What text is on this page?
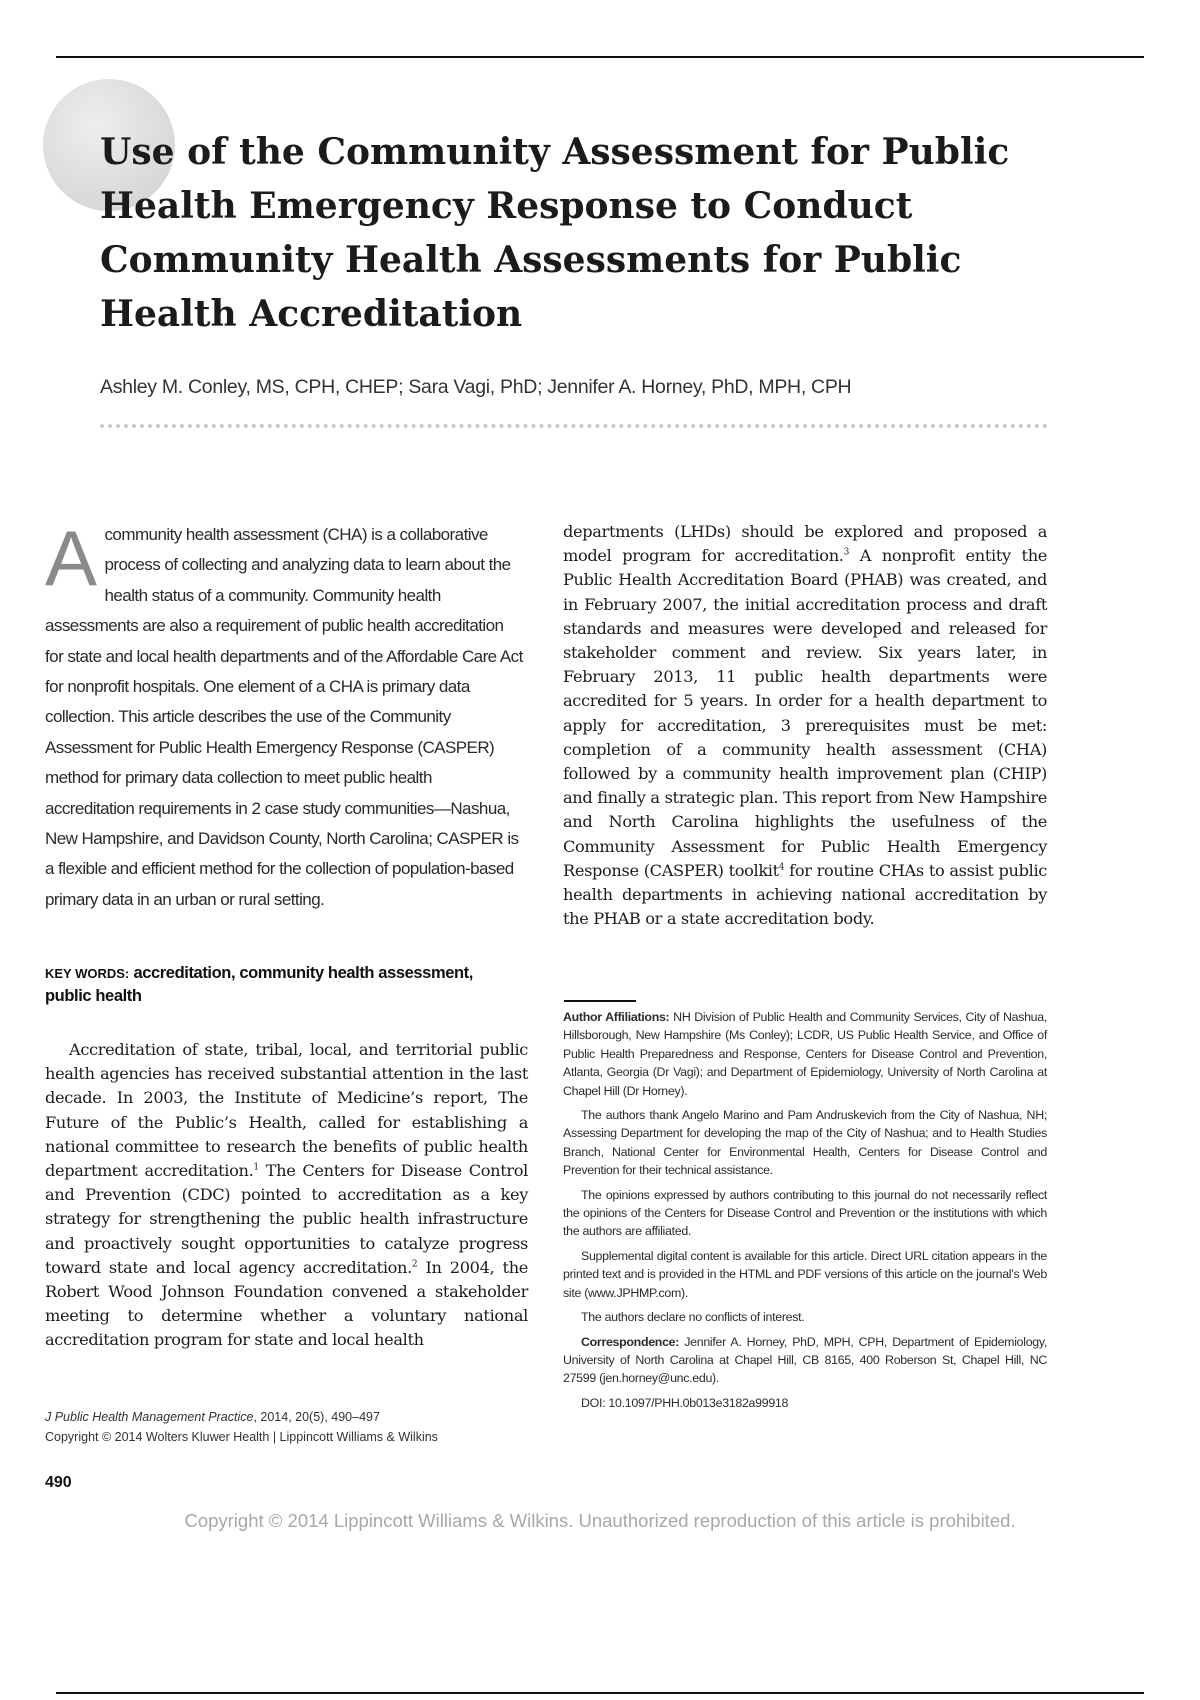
Use of the Community Assessment for Public Health Emergency Response to Conduct Community Health Assessments for Public Health Accreditation
Ashley M. Conley, MS, CPH, CHEP; Sara Vagi, PhD; Jennifer A. Horney, PhD, MPH, CPH

A community health assessment (CHA) is a collaborative process of collecting and analyzing data to learn about the health status of a community. Community health assessments are also a requirement of public health accreditation for state and local health departments and of the Affordable Care Act for nonprofit hospitals. One element of a CHA is primary data collection. This article describes the use of the Community Assessment for Public Health Emergency Response (CASPER) method for primary data collection to meet public health accreditation requirements in 2 case study communities—Nashua, New Hampshire, and Davidson County, North Carolina; CASPER is a flexible and efficient method for the collection of population-based primary data in an urban or rural setting.

KEY WORDS: accreditation, community health assessment, public health

Accreditation of state, tribal, local, and territorial public health agencies has received substantial attention in the last decade. In 2003, the Institute of Medicine’s report, The Future of the Public’s Health, called for establishing a national committee to research the benefits of public health department accreditation.$^1$ The Centers for Disease Control and Prevention (CDC) pointed to accreditation as a key strategy for strengthening the public health infrastructure and proactively sought opportunities to catalyze progress toward state and local agency accreditation.$^2$ In 2004, the Robert Wood Johnson Foundation convened a stakeholder meeting to determine whether a voluntary national accreditation program for state and local health

departments (LHDs) should be explored and proposed a model program for accreditation.$^3$ A nonprofit entity the Public Health Accreditation Board (PHAB) was created, and in February 2007, the initial accreditation process and draft standards and measures were developed and released for stakeholder comment and review. Six years later, in February 2013, 11 public health departments were accredited for 5 years. In order for a health department to apply for accreditation, 3 prerequisites must be met: completion of a community health assessment (CHA) followed by a community health improvement plan (CHIP) and finally a strategic plan. This report from New Hampshire and North Carolina highlights the usefulness of the Community Assessment for Public Health Emergency Response (CASPER) toolkit$^4$ for routine CHAs to assist public health departments in achieving national accreditation by the PHAB or a state accreditation body.

Author Affiliations: NH Division of Public Health and Community Services, City of Nashua, Hillsborough, New Hampshire (Ms Conley); LCDR, US Public Health Service, and Office of Public Health Preparedness and Response, Centers for Disease Control and Prevention, Atlanta, Georgia (Dr Vagi); and Department of Epidemiology, University of North Carolina at Chapel Hill (Dr Horney).

The authors thank Angelo Marino and Pam Andruskevich from the City of Nashua, NH; Assessing Department for developing the map of the City of Nashua; and to Health Studies Branch, National Center for Environmental Health, Centers for Disease Control and Prevention for their technical assistance.

The opinions expressed by authors contributing to this journal do not necessarily reflect the opinions of the Centers for Disease Control and Prevention or the institutions with which the authors are affiliated.

Supplemental digital content is available for this article. Direct URL citation appears in the printed text and is provided in the HTML and PDF versions of this article on the journal’s Web site (www.JPHMP.com).

The authors declare no conflicts of interest.

Correspondence: Jennifer A. Horney, PhD, MPH, CPH, Department of Epidemiology, University of North Carolina at Chapel Hill, CB 8165, 400 Roberson St, Chapel Hill, NC 27599 (jen.horney@unc.edu).

DOI: 10.1097/PHH.0b013e3182a99918
J Public Health Management Practice, 2014, 20(5), 490–497
Copyright © 2014 Wolters Kluwer Health | Lippincott Williams & Wilkins
490
Copyright © 2014 Lippincott Williams & Wilkins. Unauthorized reproduction of this article is prohibited.
